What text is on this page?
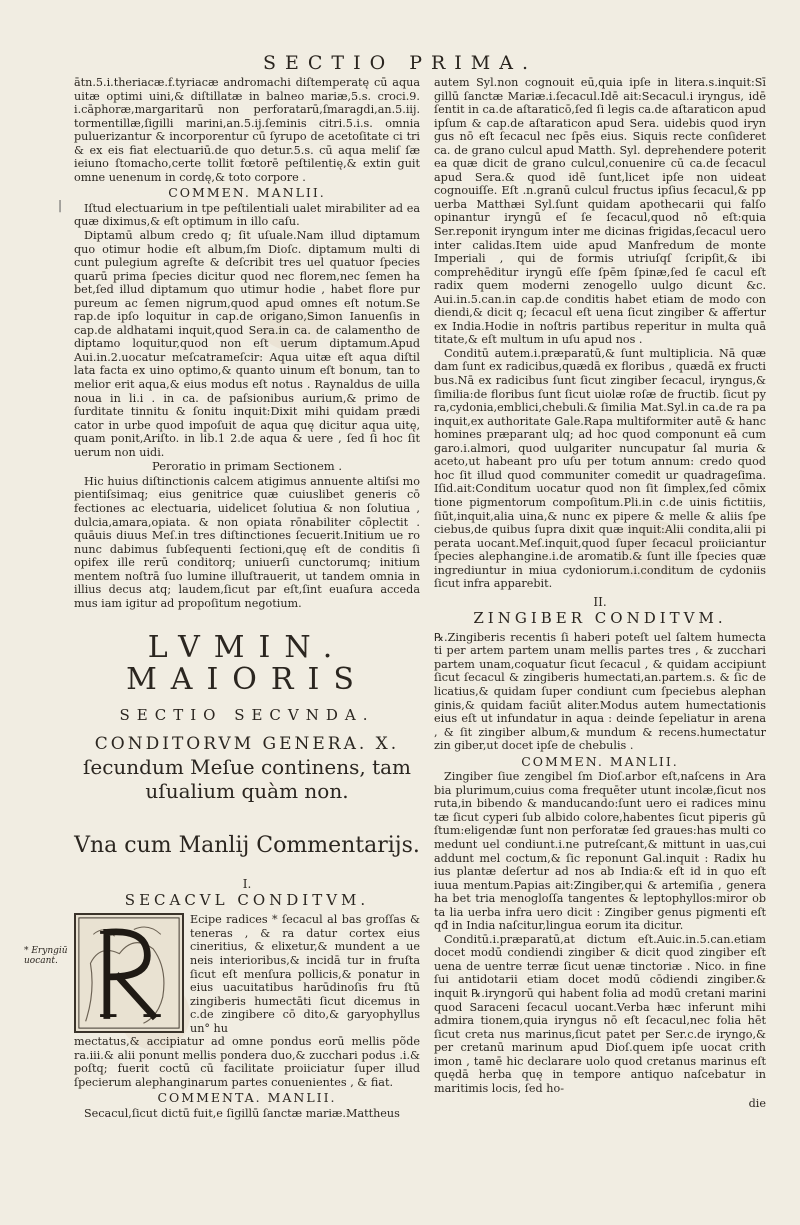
SECTIO PRIMA.
|
* Eryngiū uocant.

ātn.5.i.theriacæ.f.tyriacæ andromachi diſtemperatę cū aqua uitæ optimi uini,& diſtillatæ in balneo mariæ,5.s. croci.9. i.cāphoræ,margaritarū non perforatarū,ſmaragdi,an.5.iij. tormentillæ,ſigilli marini,an.5.ij.ſeminis citri.5.i.s. omnia puluerizantur & incorporentur cū ſyrupo de acetoſitate ci tri & ex eis fiat electuariū.de quo detur.5.s. cū aqua meliſ ſæ ieiuno ſtomacho,certe tollit fœtorē peſtilentię,& extin guit omne uenenum in cordę,& toto corpore .

COMMEN. MANLII.

Iſtud electuarium in tpe peſtilentiali ualet mirabiliter ad ea quæ diximus,& eſt optimum in illo caſu.

Diptamū album credo q; ſit uſuale.Nam illud diptamum quo otimur hodie eſt album,ſm Dioſc. diptamum multi di cunt pulegium agreſte & deſcribit tres uel quatuor ſpecies quarū prima ſpecies dicitur quod nec florem,nec ſemen ha bet,ſed illud diptamum quo utimur hodie , habet flore pur pureum ac ſemen nigrum,quod apud omnes eſt notum.Se rap.de ipſo loquitur in cap.de origano,Simon Ianuenſis in cap.de aldhatami inquit,quod Sera.in ca. de calamentho de diptamo loquitur,quod non eſt uerum diptamum.Apud Aui.in.2.uocatur meſcatrameſcir: Aqua uitæ eſt aqua diſtil lata facta ex uino optimo,& quanto uinum eſt bonum, tan to melior erit aqua,& eius modus eſt notus . Raynaldus de uilla noua in li.i . in ca. de paſsionibus aurium,& primo de ſurditate tinnitu & ſonitu inquit:Dixit mihi quidam prædi cator in urbe quod impoſuit de aqua quę dicitur aqua uitę, quam ponit,Ariſto. in lib.1 2.de aqua & uere , ſed ſi hoc ſit uerum non uidi.

Peroratio in primam Sectionem .

Hic huius diſtinctionis calcem atigimus annuente altiſsi mo pientiſsimaq; eius genitrice quæ cuiuslibet generis cō fectiones ac electuaria, uidelicet ſolutiua & non ſolutiua , dulcia,amara,opiata. & non opiata rōnabiliter cōplectit . quāuis diuus Meſ.in tres diſtinctiones ſecuerit.Initium ue ro nunc dabimus ſubſequenti ſectioni,quę eſt de conditis ſi opifex ille rerū conditorq; uniuerſi cunctorumq; initium mentem noſtrā ſuo lumine illuſtrauerit, ut tandem omnia in illius decus atq; laudem,ſicut par eſt,ſint euaſura acceda mus iam igitur ad propoſitum negotium.

LVMIN. MAIORIS
SECTIO SECVNDA.
CONDITORVM GENERA. X.
ſecundum Meſue continens, tam uſualium quàm non.
Vna cum Manlij Commentarijs.
I.
SECACVL CONDITVM.
Ecipe radices * ſecacul al bas groſſas & teneras , & ra datur cortex eius cineritius, & elixetur,& mundent a ue neis interioribus,& incidā tur in fruſta ſicut eſt menſura pollicis,& ponatur in eius uacuitatibus harūdinoſis fru ſtū zingiberis humectāti ſicut dicemus in c.de zingibere cō dito,& garyophyllus un° hu

mectatus,& accipiatur ad omne pondus eorū mellis põde ra.iii.& alii ponunt mellis pondera duo,& zucchari podus .i.& poſtq; fuerit coctū cū facilitate proiiciatur ſuper illud ſpecierum alephanginarum partes conuenientes , & fiat.

COMMENTA. MANLII.

Secacul,ſicut dictū fuit,e ſigillū ſanctæ mariæ.Mattheus

autem Syl.non cognouit eū,quia ipſe in litera.s.inquit:Sī gillū ſanctæ Mariæ.i.ſecacul.Idē ait:Secacul.i iryngus, idē ſentit in ca.de aſtaraticō,ſed ſi legis ca.de aſtaraticon apud ipſum & cap.de aſtaraticon apud Sera. uidebis quod iryn gus nō eſt ſecacul nec ſpēs eius. Siquis recte conſideret ca. de grano culcul apud Matth. Syl. deprehendere poterit ea quæ dicit de grano culcul,conuenire cū ca.de ſecacul apud Sera.& quod idē ſunt,licet ipſe non uideat cognouiſſe. Eſt .n.granū culcul fructus ipſius ſecacul,& pp uerba Matthæi Syl.ſunt quidam apothecarii qui falſo opinantur iryngū eſ ſe ſecacul,quod nō eſt:quia Ser.reponit iryngum inter me dicinas frigidas,ſecacul uero inter calidas.Item uide apud Manfredum de monte Imperiali , qui de formis utriuſqſ ſcripſit,& ibi comprehēditur iryngū eſſe ſpēm ſpinæ,ſed ſe cacul eſt radix quem moderni zenogello uulgo dicunt &c. Aui.in.5.can.in cap.de conditis habet etiam de modo con diendi,& dicit q; ſecacul eſt uena ſicut zingiber & affertur ex India.Hodie in noſtris partibus reperitur in multa quā titate,& eſt multum in uſu apud nos .

Conditū autem.i.præparatū,& ſunt multiplicia. Nā quæ dam ſunt ex radicibus,quædā ex floribus , quædā ex fructi bus.Nā ex radicibus ſunt ſicut zingiber ſecacul, iryngus,& ſimilia:de floribus ſunt ſicut uiolæ roſæ de fructib. ſicut py ra,cydonia,emblici,chebuli.& ſimilia Mat.Syl.in ca.de ra pa inquit,ex authoritate Gale.Rapa multiformiter autē & hanc homines præparant ulq; ad hoc quod componunt eā cum garo.i.almori, quod uulgariter nuncupatur ſal muria & aceto,ut habeant pro uſu per totum annum: credo quod hoc ſit illud quod communiter comedit ur quadrageſima. Iſid.ait:Conditum uocatur quod non ſit ſimplex,ſed cōmix tione pigmentorum compoſitum.Pli.in c.de uinis fictitiis, ſiūt,inquit,alia uina,& nunc ex pipere & melle & aliis ſpe ciebus,de quibus ſupra dixit quæ inquit:Alii condita,alii pi perata uocant.Meſ.inquit,quod ſuper ſecacul proiiciantur ſpecies alephangine.i.de aromatib.& ſunt ille ſpecies quæ ingrediuntur in miua cydoniorum.i.conditum de cydoniis ſicut infra apparebit.

II.
ZINGIBER CONDITVM.

℞.Zingiberis recentis ſi haberi poteſt uel ſaltem humecta ti per artem partem unam mellis partes tres , & zucchari partem unam,coquatur ſicut ſecacul , & quidam accipiunt ſicut ſecacul & zingiberis humectati,an.partem.s. & ſic de licatius,& quidam ſuper condiunt cum ſpeciebus alephan ginis,& quidam faciūt aliter.Modus autem humectationis eius eſt ut infundatur in aqua : deinde ſepeliatur in arena , & ſit zingiber album,& mundum & recens.humectatur zin giber,ut docet ipſe de chebulis .

COMMEN. MANLII.

Zingiber ſiue zengibel ſm Dioſ.arbor eſt,naſcens in Ara bia plurimum,cuius coma frequēter utunt incolæ,ſicut nos ruta,in bibendo & manducando:ſunt uero ei radices minu tæ ſicut cyperi ſub albido colore,habentes ſicut piperis gū ſtum:eligendæ ſunt non perforatæ ſed graues:has multi co medunt uel condiunt.i.ne putreſcant,& mittunt in uas,cui addunt mel coctum,& ſic reponunt Gal.inquit : Radix hu ius plantæ deſertur ad nos ab India:& eſt id in quo eſt iuua mentum.Papias ait:Zingiber,qui & artemiſia , genera ha bet tria menogloſſa tangentes & leptophyllos:miror ob ta lia uerba infra uero dicit : Zingiber genus pigmenti eſt qđ in India naſcitur,lingua eorum ita dicitur.

Conditū.i.præparatū,at dictum eſt.Auic.in.5.can.etiam docet modū condiendi zingiber & dicit quod zingiber eſt uena de uentre terræ ſicut uenæ tinctoriæ . Nico. in fine ſui antidotarii etiam docet modū cōdiendi zingiber.& inquit ℞.iryngorū qui habent folia ad modū cretani marini quod Saraceni ſecacul uocant.Verba hæc inferunt mihi admira tionem,quia iryngus nō eſt ſecacul,nec folia hēt ſicut creta nus marinus,ſicut patet per Ser.c.de iryngo,& per cretanū marinum apud Dioſ.quem ipſe uocat crith imon , tamē hic declarare uolo quod cretanus marinus eſt quędā herba quę in tempore antiquo naſcebatur in maritimis locis, ſed ho-

die
